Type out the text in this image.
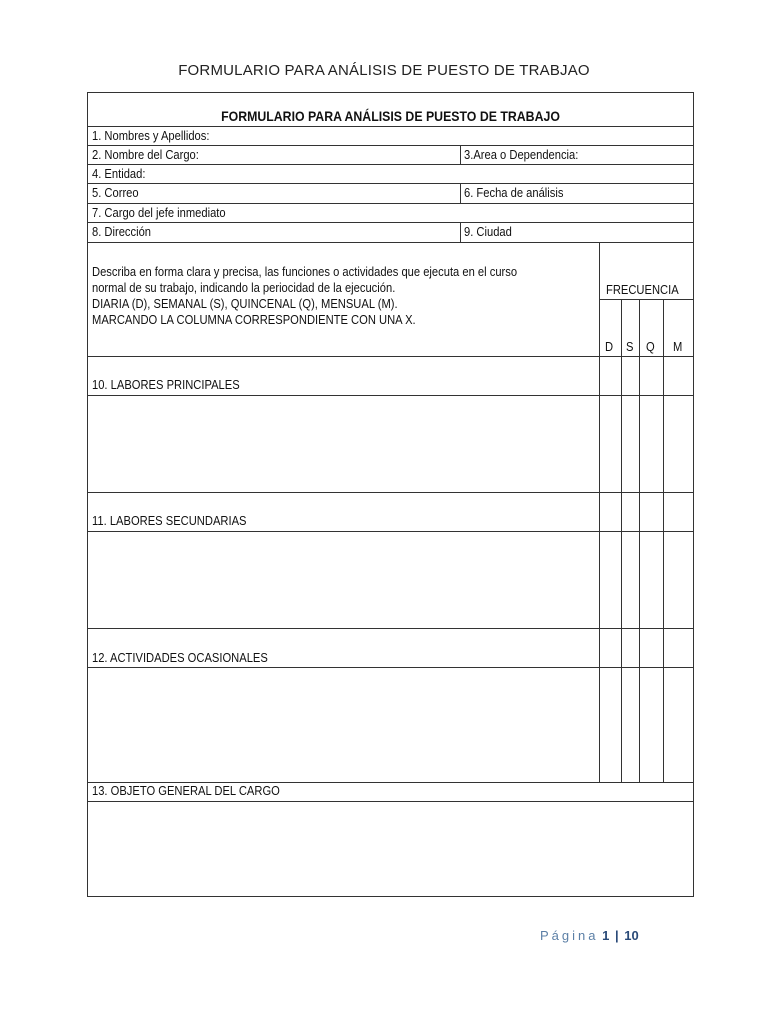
FORMULARIO PARA ANÁLISIS DE PUESTO DE TRABJAO
FORMULARIO PARA ANÁLISIS DE PUESTO DE TRABAJO
1. Nombres y Apellidos:
2. Nombre del Cargo:	3.Area o Dependencia:
4. Entidad:
5. Correo	6. Fecha de análisis
7. Cargo del jefe inmediato
8. Dirección	9. Ciudad
Describa en forma clara y precisa, las funciones o actividades que ejecuta en el curso
normal de su trabajo, indicando la periocidad de la ejecución.
DIARIA (D), SEMANAL (S), QUINCENAL (Q), MENSUAL (M).
MARCANDO LA COLUMNA CORRESPONDIENTE CON UNA X.
FRECUENCIA
D S Q M
10. LABORES PRINCIPALES
11. LABORES SECUNDARIAS
12. ACTIVIDADES OCASIONALES
13. OBJETO GENERAL DEL CARGO
Página 1 | 10
